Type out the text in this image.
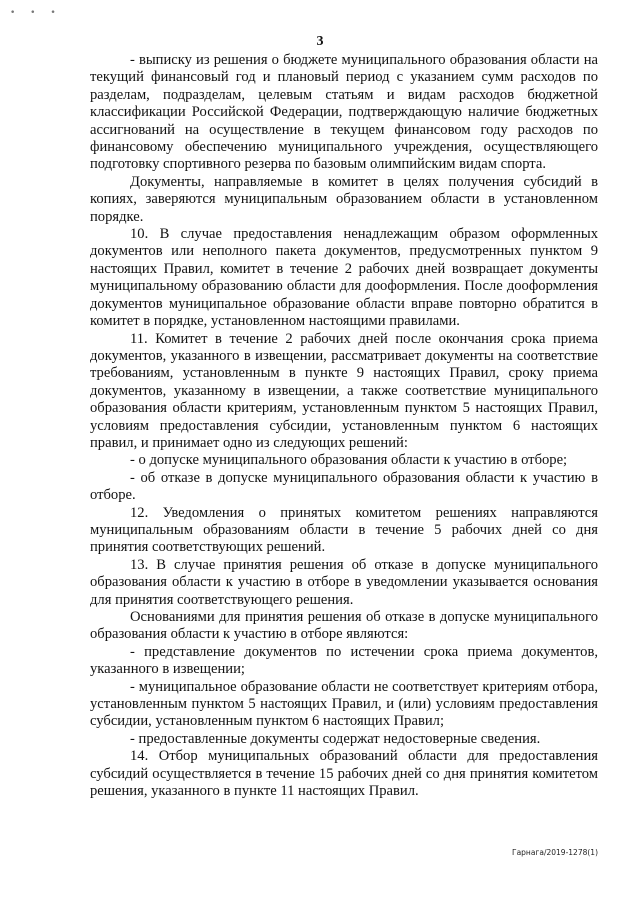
• • •
3

- выписку из решения о бюджете муниципального образования области на текущий финансовый год и плановый период с указанием сумм расходов по разделам, подразделам, целевым статьям и видам расходов бюджетной классификации Российской Федерации, подтверждающую наличие бюджетных ассигнований на осуществление в текущем финансовом году расходов по финансовому обеспечению муниципального учреждения, осуществляющего подготовку спортивного резерва по базовым олимпийским видам спорта.

Документы, направляемые в комитет в целях получения субсидий в копиях, заверяются муниципальным образованием области в установленном порядке.

10. В случае предоставления ненадлежащим образом оформленных документов или неполного пакета документов, предусмотренных пунктом 9 настоящих Правил, комитет в течение 2 рабочих дней возвращает документы муниципальному образованию области для дооформления. После дооформления документов муниципальное образование области вправе повторно обратится в комитет в порядке, установленном настоящими правилами.

11. Комитет в течение 2 рабочих дней после окончания срока приема документов, указанного в извещении, рассматривает документы на соответствие требованиям, установленным в пункте 9 настоящих Правил, сроку приема документов, указанному в извещении, а также соответствие муниципального образования области критериям, установленным пунктом 5 настоящих Правил, условиям предоставления субсидии, установленным пунктом 6 настоящих правил, и принимает одно из следующих решений:

- о допуске муниципального образования области к участию в отборе;

- об отказе в допуске муниципального образования области к участию в отборе.

12. Уведомления о принятых комитетом решениях направляются муниципальным образованиям области в течение 5 рабочих дней со дня принятия соответствующих решений.

13. В случае принятия решения об отказе в допуске муниципального образования области к участию в отборе в уведомлении указывается основания для принятия соответствующего решения.

Основаниями для принятия решения об отказе в допуске муниципального образования области к участию в отборе являются:

- представление документов по истечении срока приема документов, указанного в извещении;

- муниципальное образование области не соответствует критериям отбора, установленным пунктом 5 настоящих Правил, и (или) условиям предоставления субсидии, установленным пунктом 6 настоящих Правил;

- предоставленные документы содержат недостоверные сведения.

14. Отбор муниципальных образований области для предоставления субсидий осуществляется в течение 15 рабочих дней со дня принятия комитетом решения, указанного в пункте 11 настоящих Правил.

Гарнага/2019-1278(1)
